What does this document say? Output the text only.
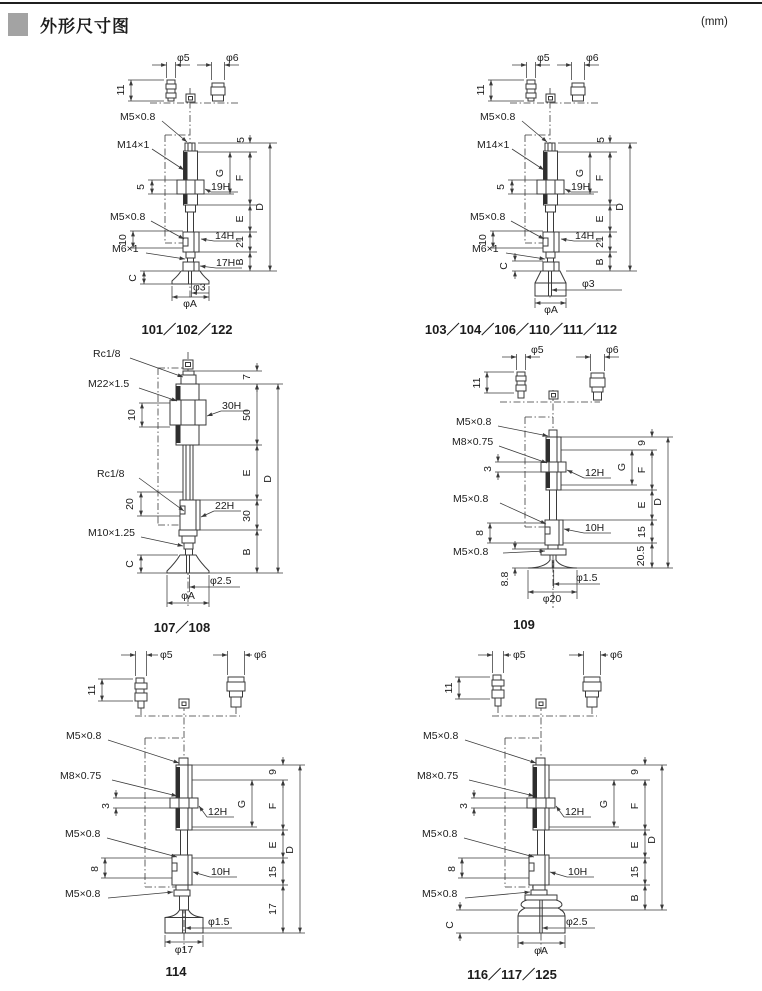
外形尺寸图	(mm)
φ5	φ6
11
M5×0.8
M14×1
5
M5×0.8
10
M6×1
C
5
F
G
E
21
B
D
19H
14H
17H
φ3
φA
101／102／122
φ5	φ6
11
M5×0.8
M14×1
5
M5×0.8
10
M6×1
C
5
F
G
E
21
B
D
19H
14H
φ3
φA
103／104／106／110／111／112
Rc1/8
M22×1.5
10
Rc1/8
20
M10×1.25
C
7
50
E
30
B
D
30H
22H
φ2.5
φA
107／108
φ5	φ6
11
M5×0.8
M8×0.75
3
M5×0.8
8
M5×0.8
8.8
9
F
G
E
15
20.5
D
12H
10H
φ1.5
φ20
109
φ5	φ6
11
M5×0.8
M8×0.75
3
M5×0.8
8
M5×0.8
9
F
G
E
15
17
D
12H
10H
φ1.5
φ17
114
φ5	φ6
11
M5×0.8
M8×0.75
3
M5×0.8
8
M5×0.8
C
9
F
G
E
15
B
D
12H
10H
φ2.5
φA
116／117／125
